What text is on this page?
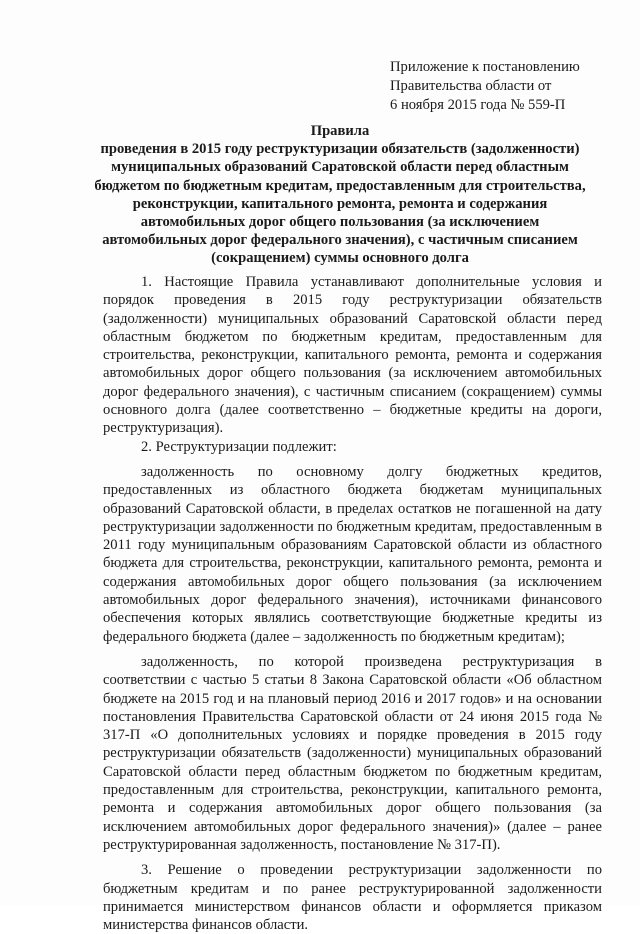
Приложение к постановлению
Правительства области от
6 ноября 2015 года № 559-П
Правила
проведения в 2015 году реструктуризации обязательств (задолженности)
муниципальных образований Саратовской области перед областным
бюджетом по бюджетным кредитам, предоставленным для строительства,
реконструкции, капитального ремонта, ремонта и содержания
автомобильных дорог общего пользования (за исключением
автомобильных дорог федерального значения), с частичным списанием
(сокращением) суммы основного долга

1. Настоящие Правила устанавливают дополнительные условия и порядок проведения в 2015 году реструктуризации обязательств (задолженности) муниципальных образований Саратовской области перед областным бюджетом по бюджетным кредитам, предоставленным для строительства, реконструкции, капитального ремонта, ремонта и содержания автомобильных дорог общего пользования (за исключением автомобильных дорог федерального значения), с частичным списанием (сокращением) суммы основного долга (далее соответственно – бюджетные кредиты на дороги, реструктуризация).

2. Реструктуризации подлежит:

задолженность по основному долгу бюджетных кредитов, предоставленных из областного бюджета бюджетам муниципальных образований Саратовской области, в пределах остатков не погашенной на дату реструктуризации задолженности по бюджетным кредитам, предоставленным в 2011 году муниципальным образованиям Саратовской области из областного бюджета для строительства, реконструкции, капитального ремонта, ремонта и содержания автомобильных дорог общего пользования (за исключением автомобильных дорог федерального значения), источниками финансового обеспечения которых являлись соответствующие бюджетные кредиты из федерального бюджета (далее – задолженность по бюджетным кредитам);

задолженность, по которой произведена реструктуризация в соответствии с частью 5 статьи 8 Закона Саратовской области «Об областном бюджете на 2015 год и на плановый период 2016 и 2017 годов» и на основании постановления Правительства Саратовской области от 24 июня 2015 года № 317-П «О дополнительных условиях и порядке проведения в 2015 году реструктуризации обязательств (задолженности) муниципальных образований Саратовской области перед областным бюджетом по бюджетным кредитам, предоставленным для строительства, реконструкции, капитального ремонта, ремонта и содержания автомобильных дорог общего пользования (за исключением автомобильных дорог федерального значения)» (далее – ранее реструктурированная задолженность, постановление № 317-П).

3. Решение о проведении реструктуризации задолженности по бюджетным кредитам и по ранее реструктурированной задолженности принимается министерством финансов области и оформляется приказом министерства финансов области.
